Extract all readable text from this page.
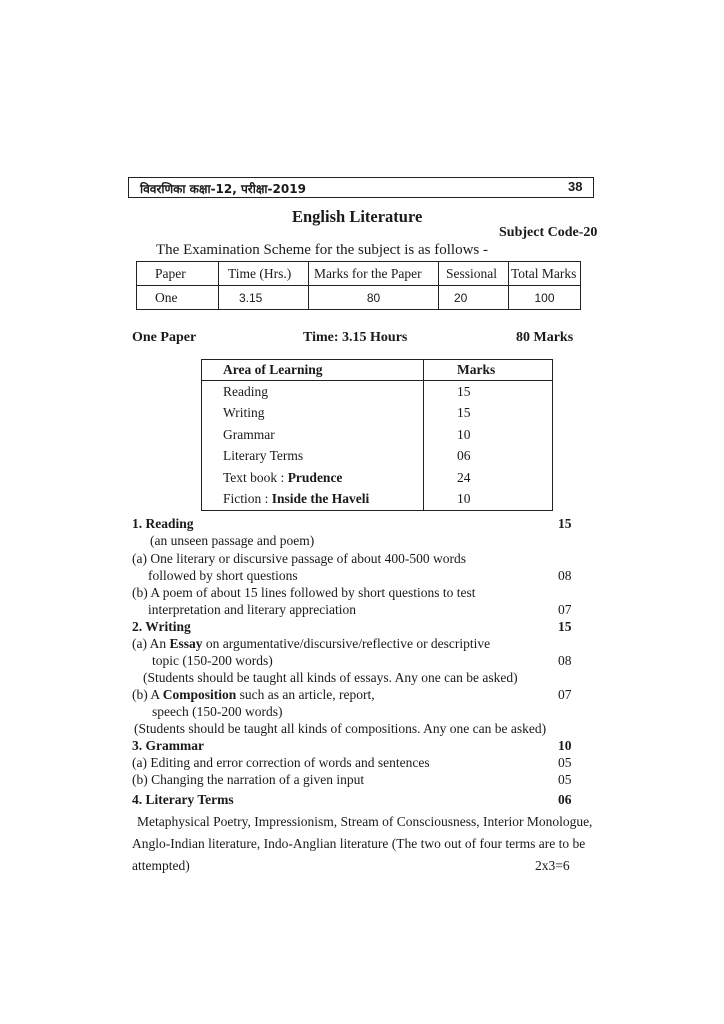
विवरणिका कक्षा-12, परीक्षा-2019	38
English Literature
Subject Code-20
The Examination Scheme for the subject is as follows -
Paper	Time (Hrs.)	Marks for the Paper	Sessional	Total Marks
One	3.15	80	20	100
One Paper	Time: 3.15 Hours	80 Marks
Area of Learning	Marks
Reading	15
Writing	15
Grammar	10
Literary Terms	06
Text book : Prudence	24
Fiction : Inside the Haveli	10
1. Reading	15
(an unseen passage and poem)
(a) One literary or discursive passage of about 400-500 words
followed by short questions	08
(b) A poem of about 15 lines followed by short questions to test
interpretation and literary appreciation	07
2. Writing	15
(a) An Essay on argumentative/discursive/reflective or descriptive
topic (150-200 words)	08
(Students should be taught all kinds of essays. Any one can be asked)
(b) A Composition such as an article, report,	07
speech (150-200 words)
(Students should be taught all kinds of compositions. Any one can be asked)
3. Grammar	10
(a) Editing and error correction of words and sentences	05
(b) Changing the narration of a given input	05
4. Literary Terms	06
Metaphysical Poetry, Impressionism, Stream of Consciousness, Interior Monologue,
Anglo-Indian literature, Indo-Anglian literature (The two out of four terms are to be
attempted)	2x3=6
